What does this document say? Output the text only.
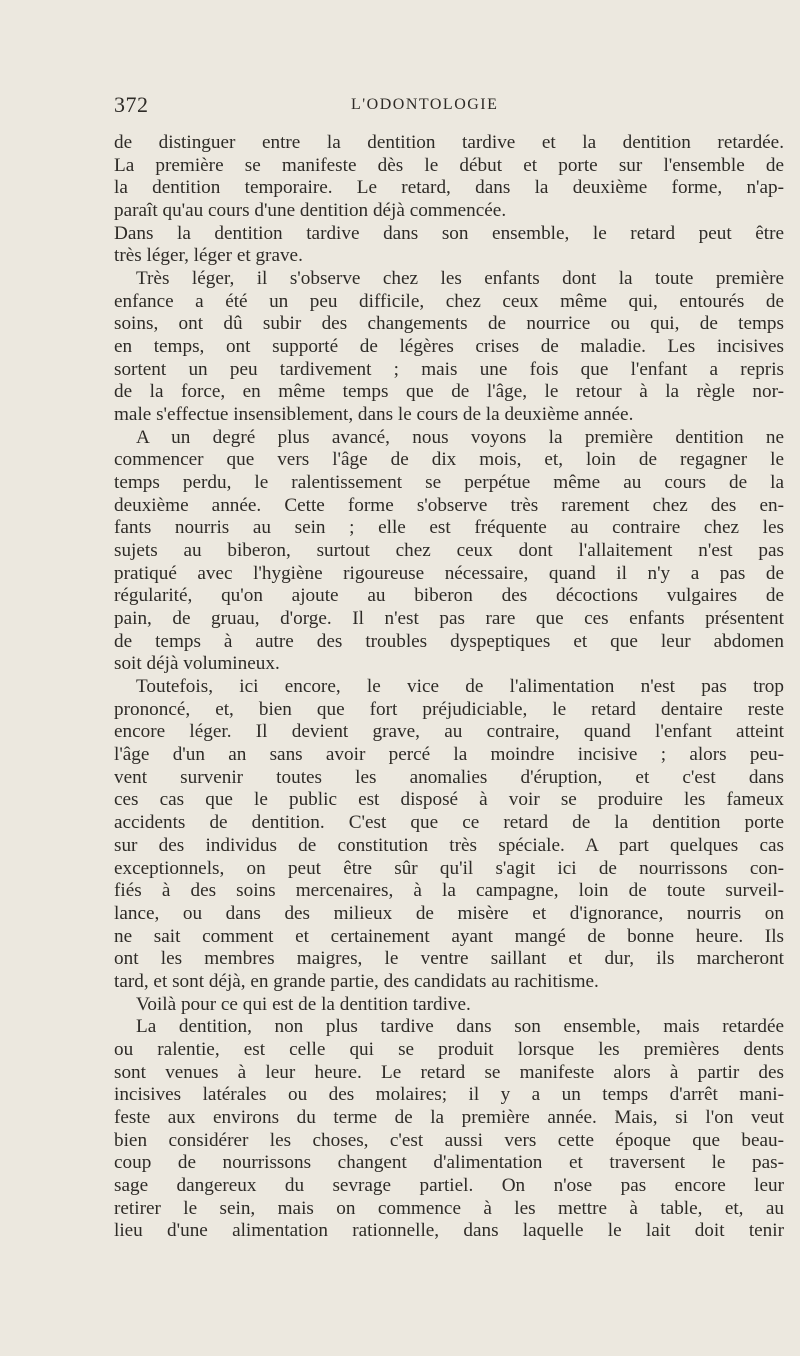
372	L'ODONTOLOGIE
de distinguer entre la dentition tardive et la dentition retardée.
La première se manifeste dès le début et porte sur l'ensemble de
la dentition temporaire. Le retard, dans la deuxième forme, n'ap-
paraît qu'au cours d'une dentition déjà commencée.
Dans la dentition tardive dans son ensemble, le retard peut être
très léger, léger et grave.
Très léger, il s'observe chez les enfants dont la toute première
enfance a été un peu difficile, chez ceux même qui, entourés de
soins, ont dû subir des changements de nourrice ou qui, de temps
en temps, ont supporté de légères crises de maladie. Les incisives
sortent un peu tardivement ; mais une fois que l'enfant a repris
de la force, en même temps que de l'âge, le retour à la règle nor-
male s'effectue insensiblement, dans le cours de la deuxième année.
A un degré plus avancé, nous voyons la première dentition ne
commencer que vers l'âge de dix mois, et, loin de regagner le
temps perdu, le ralentissement se perpétue même au cours de la
deuxième année. Cette forme s'observe très rarement chez des en-
fants nourris au sein ; elle est fréquente au contraire chez les
sujets au biberon, surtout chez ceux dont l'allaitement n'est pas
pratiqué avec l'hygiène rigoureuse nécessaire, quand il n'y a pas de
régularité, qu'on ajoute au biberon des décoctions vulgaires de
pain, de gruau, d'orge. Il n'est pas rare que ces enfants présentent
de temps à autre des troubles dyspeptiques et que leur abdomen
soit déjà volumineux.
Toutefois, ici encore, le vice de l'alimentation n'est pas trop
prononcé, et, bien que fort préjudiciable, le retard dentaire reste
encore léger. Il devient grave, au contraire, quand l'enfant atteint
l'âge d'un an sans avoir percé la moindre incisive ; alors peu-
vent survenir toutes les anomalies d'éruption, et c'est dans
ces cas que le public est disposé à voir se produire les fameux
accidents de dentition. C'est que ce retard de la dentition porte
sur des individus de constitution très spéciale. A part quelques cas
exceptionnels, on peut être sûr qu'il s'agit ici de nourrissons con-
fiés à des soins mercenaires, à la campagne, loin de toute surveil-
lance, ou dans des milieux de misère et d'ignorance, nourris on
ne sait comment et certainement ayant mangé de bonne heure. Ils
ont les membres maigres, le ventre saillant et dur, ils marcheront
tard, et sont déjà, en grande partie, des candidats au rachitisme.
Voilà pour ce qui est de la dentition tardive.
La dentition, non plus tardive dans son ensemble, mais retardée
ou ralentie, est celle qui se produit lorsque les premières dents
sont venues à leur heure. Le retard se manifeste alors à partir des
incisives latérales ou des molaires; il y a un temps d'arrêt mani-
feste aux environs du terme de la première année. Mais, si l'on veut
bien considérer les choses, c'est aussi vers cette époque que beau-
coup de nourrissons changent d'alimentation et traversent le pas-
sage dangereux du sevrage partiel. On n'ose pas encore leur
retirer le sein, mais on commence à les mettre à table, et, au
lieu d'une alimentation rationnelle, dans laquelle le lait doit tenir
